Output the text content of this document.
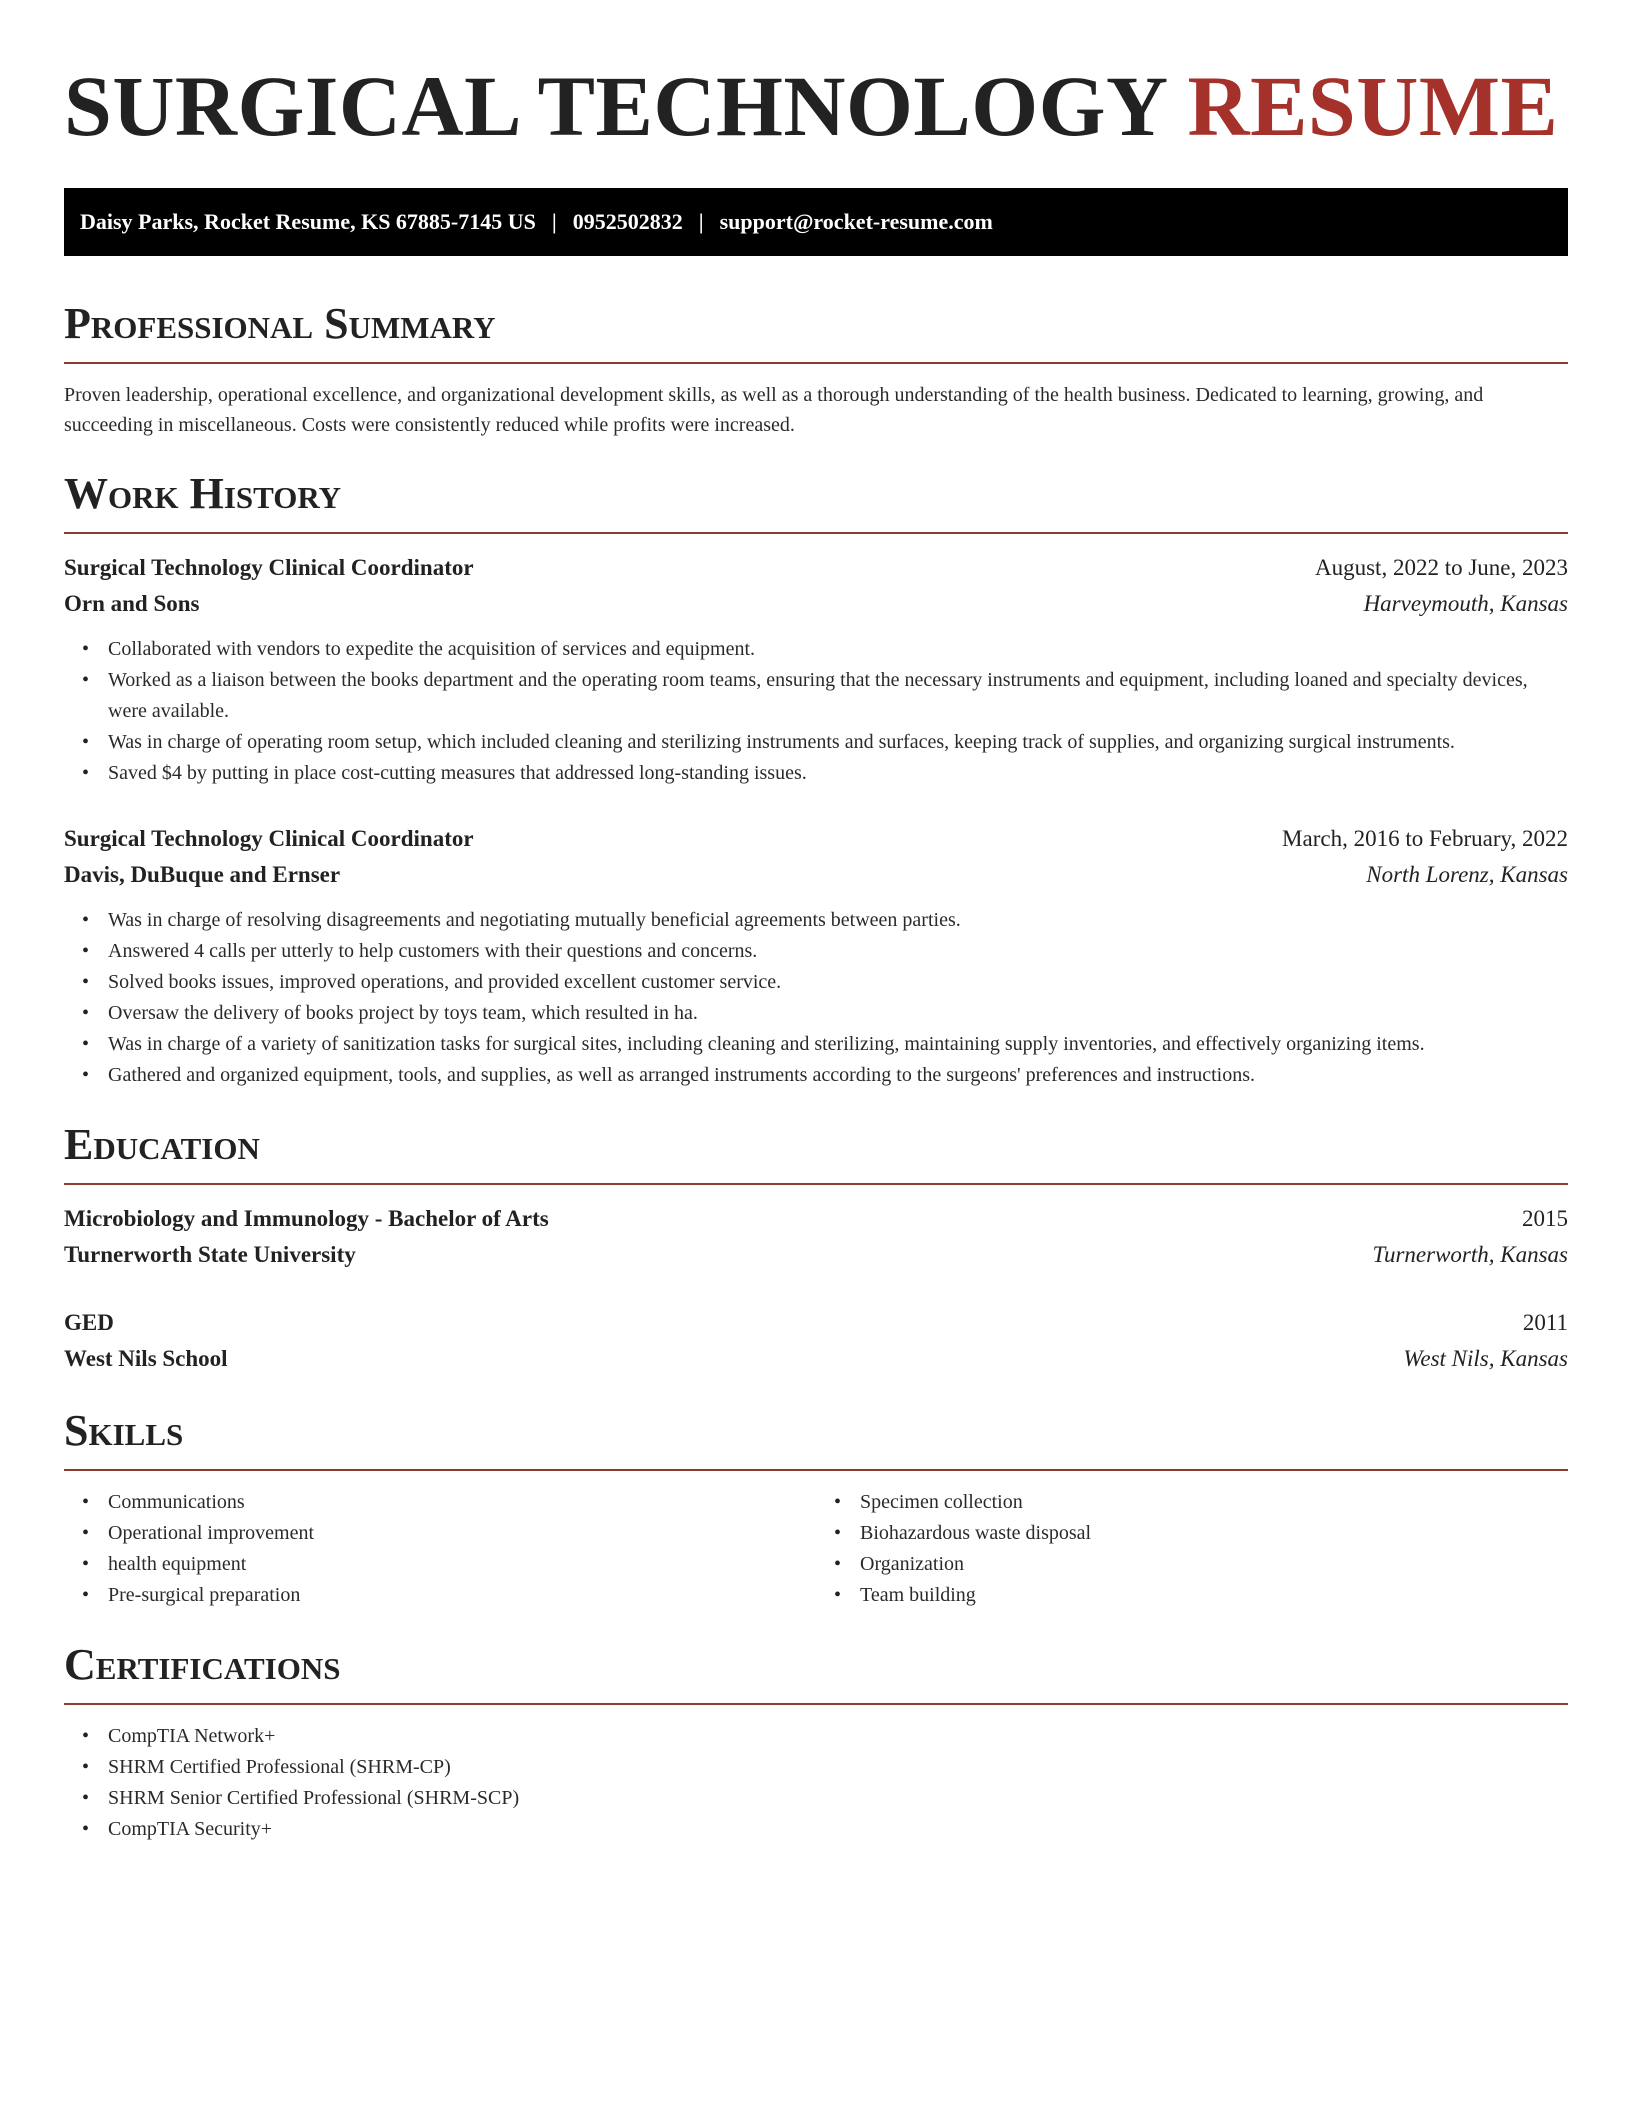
SURGICAL TECHNOLOGY RESUME
Daisy Parks, Rocket Resume, KS 67885-7145 US | 0952502832 | support@rocket-resume.com
Professional Summary

Proven leadership, operational excellence, and organizational development skills, as well as a thorough understanding of the health business. Dedicated to learning, growing, and succeeding in miscellaneous. Costs were consistently reduced while profits were increased.

Work History
Surgical Technology Clinical Coordinator	August, 2022 to June, 2023
Orn and Sons	Harveymouth, Kansas
• Collaborated with vendors to expedite the acquisition of services and equipment.
• Worked as a liaison between the books department and the operating room teams, ensuring that the necessary instruments and equipment, including loaned and specialty devices, were available.
• Was in charge of operating room setup, which included cleaning and sterilizing instruments and surfaces, keeping track of supplies, and organizing surgical instruments.
• Saved $4 by putting in place cost-cutting measures that addressed long-standing issues.
Surgical Technology Clinical Coordinator	March, 2016 to February, 2022
Davis, DuBuque and Ernser	North Lorenz, Kansas
• Was in charge of resolving disagreements and negotiating mutually beneficial agreements between parties.
• Answered 4 calls per utterly to help customers with their questions and concerns.
• Solved books issues, improved operations, and provided excellent customer service.
• Oversaw the delivery of books project by toys team, which resulted in ha.
• Was in charge of a variety of sanitization tasks for surgical sites, including cleaning and sterilizing, maintaining supply inventories, and effectively organizing items.
• Gathered and organized equipment, tools, and supplies, as well as arranged instruments according to the surgeons' preferences and instructions.
Education
Microbiology and Immunology - Bachelor of Arts	2015
Turnerworth State University	Turnerworth, Kansas
GED	2011
West Nils School	West Nils, Kansas
Skills
• Communications
• Operational improvement
• health equipment
• Pre-surgical preparation
• Specimen collection
• Biohazardous waste disposal
• Organization
• Team building
Certifications
• CompTIA Network+
• SHRM Certified Professional (SHRM-CP)
• SHRM Senior Certified Professional (SHRM-SCP)
• CompTIA Security+
